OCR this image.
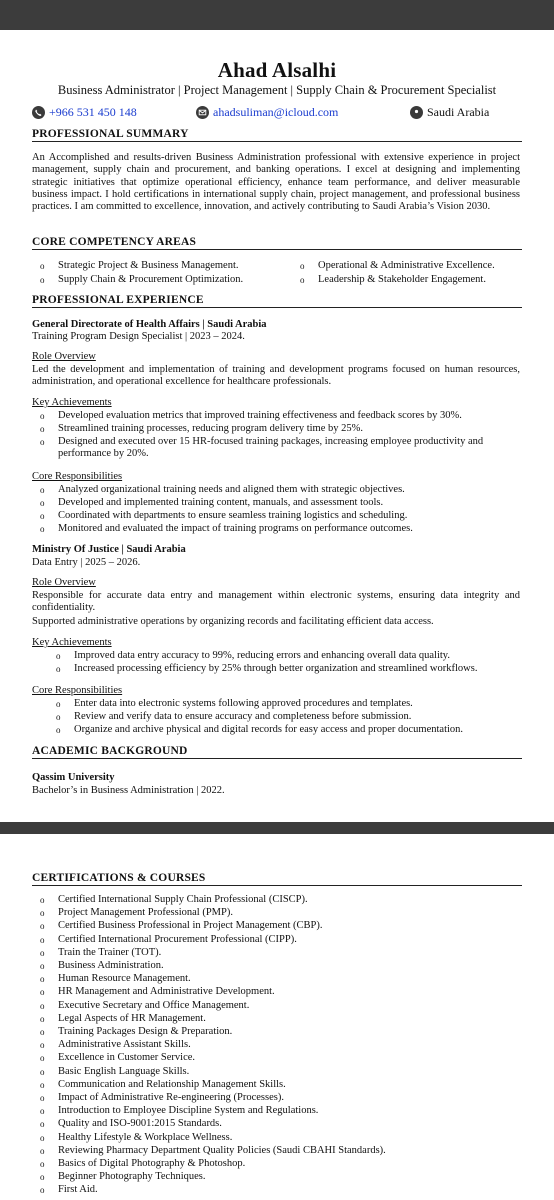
Ahad Alsalhi
Business Administrator | Project Management | Supply Chain & Procurement Specialist
+966 531 450 148	ahadsuliman@icloud.com	Saudi Arabia
PROFESSIONAL SUMMARY
An Accomplished and results-driven Business Administration professional with extensive experience in project management, supply chain and procurement, and banking operations. I excel at designing and implementing strategic initiatives that optimize operational efficiency, enhance team performance, and deliver measurable business impact. I hold certifications in international supply chain, project management, and professional business practices. I am committed to excellence, innovation, and actively contributing to Saudi Arabia’s Vision 2030.
CORE COMPETENCY AREAS
o	Strategic Project & Business Management.
o	Supply Chain & Procurement Optimization.
o	Operational & Administrative Excellence.
o	Leadership & Stakeholder Engagement.
PROFESSIONAL EXPERIENCE
General Directorate of Health Affairs | Saudi Arabia
Training Program Design Specialist | 2023 – 2024.
Role Overview
Led the development and implementation of training and development programs focused on human resources, administration, and operational excellence for healthcare professionals.
Key Achievements
o	Developed evaluation metrics that improved training effectiveness and feedback scores by 30%.
o	Streamlined training processes, reducing program delivery time by 25%.
o	Designed and executed over 15 HR-focused training packages, increasing employee productivity and performance by 20%.
Core Responsibilities
o	Analyzed organizational training needs and aligned them with strategic objectives.
o	Developed and implemented training content, manuals, and assessment tools.
o	Coordinated with departments to ensure seamless training logistics and scheduling.
o	Monitored and evaluated the impact of training programs on performance outcomes.
Ministry Of Justice | Saudi Arabia
Data Entry | 2025 – 2026.
Role Overview
Responsible for accurate data entry and management within electronic systems, ensuring data integrity and confidentiality.
Supported administrative operations by organizing records and facilitating efficient data access.
Key Achievements
o	Improved data entry accuracy to 99%, reducing errors and enhancing overall data quality.
o	Increased processing efficiency by 25% through better organization and streamlined workflows.
Core Responsibilities
o	Enter data into electronic systems following approved procedures and templates.
o	Review and verify data to ensure accuracy and completeness before submission.
o	Organize and archive physical and digital records for easy access and proper documentation.
ACADEMIC BACKGROUND
Qassim University
Bachelor’s in Business Administration | 2022.
CERTIFICATIONS & COURSES
o	Certified International Supply Chain Professional (CISCP).
o	Project Management Professional (PMP).
o	Certified Business Professional in Project Management (CBP).
o	Certified International Procurement Professional (CIPP).
o	Train the Trainer (TOT).
o	Business Administration.
o	Human Resource Management.
o	HR Management and Administrative Development.
o	Executive Secretary and Office Management.
o	Legal Aspects of HR Management.
o	Training Packages Design & Preparation.
o	Administrative Assistant Skills.
o	Excellence in Customer Service.
o	Basic English Language Skills.
o	Communication and Relationship Management Skills.
o	Impact of Administrative Re-engineering (Processes).
o	Introduction to Employee Discipline System and Regulations.
o	Quality and ISO-9001:2015 Standards.
o	Healthy Lifestyle & Workplace Wellness.
o	Reviewing Pharmacy Department Quality Policies (Saudi CBAHI Standards).
o	Basics of Digital Photography & Photoshop.
o	Beginner Photography Techniques.
o	First Aid.
